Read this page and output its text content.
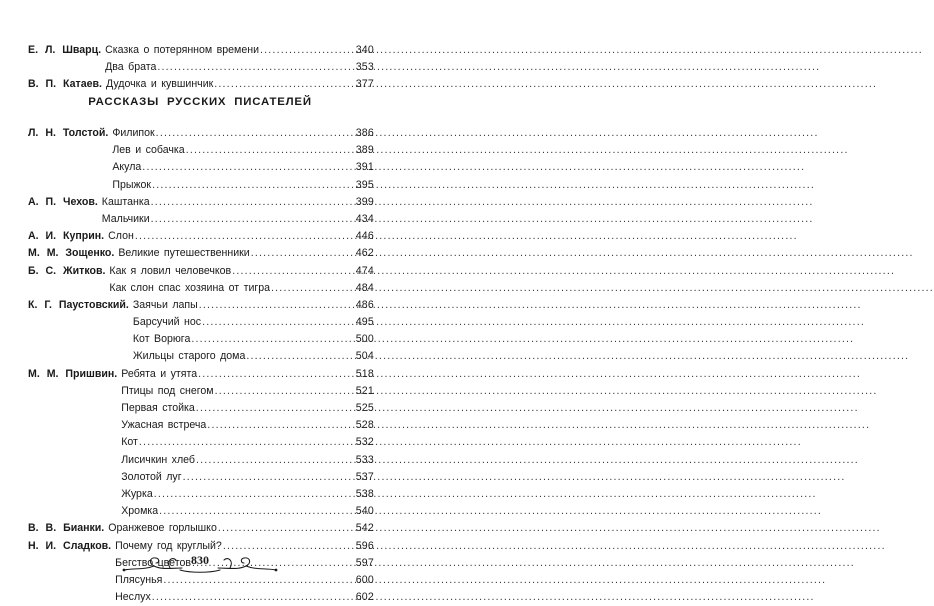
Е. Л. Шварц. Сказка о потерянном времени .....	340
Два брата .....	353
В. П. Катаев. Дудочка и кувшинчик .....	377
РАССКАЗЫ РУССКИХ ПИСАТЕЛЕЙ
Л. Н. Толстой. Филипок .....	386
Лев и собачка .....	389
Акула .....	391
Прыжок .....	395
А. П. Чехов. Каштанка .....	399
Мальчики .....	434
А. И. Куприн. Слон .....	446
М. М. Зощенко. Великие путешественники .....	462
Б. С. Житков. Как я ловил человечков .....	474
Как слон спас хозяина от тигра .....	484
К. Г. Паустовский. Заячьи лапы .....	486
Барсучий нос .....	495
Кот Ворюга .....	500
Жильцы старого дома .....	504
М. М. Пришвин. Ребята и утята .....	518
Птицы под снегом .....	521
Первая стойка .....	525
Ужасная встреча .....	528
Кот .....	532
Лисичкин хлеб .....	533
Золотой луг .....	537
Журка .....	538
Хромка .....	540
В. В. Бианки. Оранжевое горлышко .....	542
Н. И. Сладков. Почему год круглый? .....	596
Бегство цветов .....	597
Плясунья .....	600
Неслух .....	602
830
